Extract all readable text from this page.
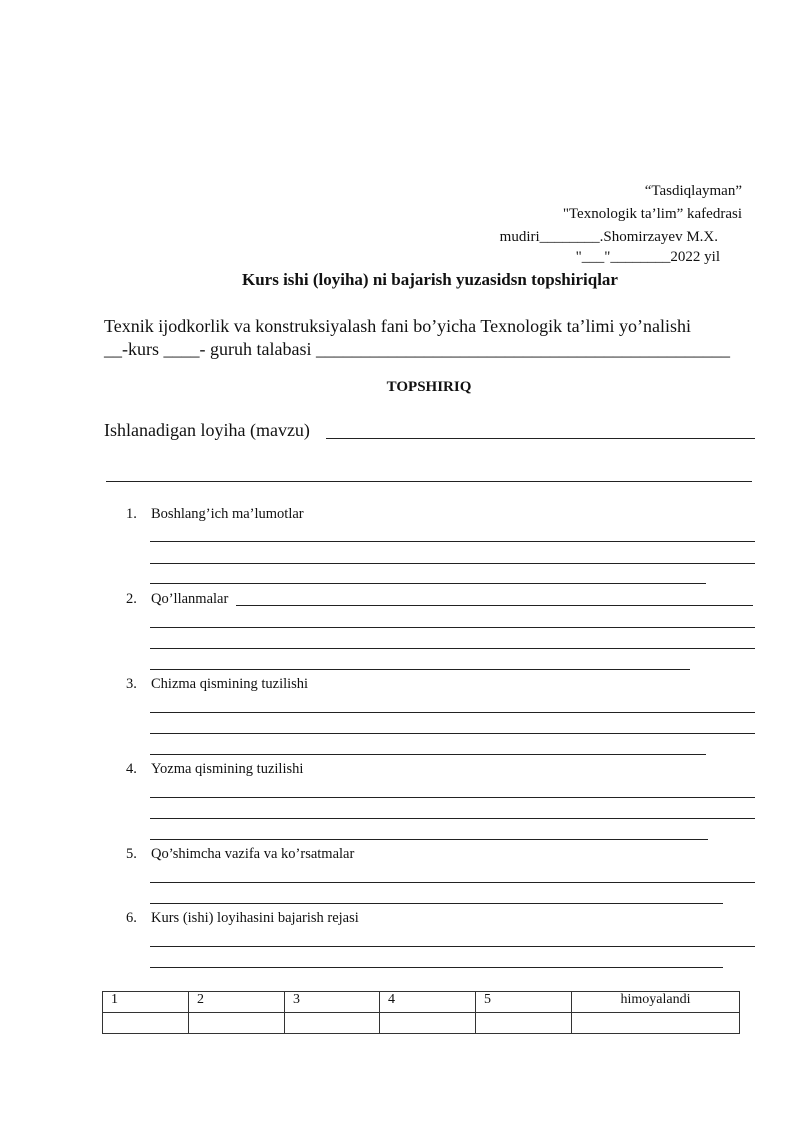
“Tasdiqlayman”
"Texnologik ta’lim” kafedrasi
mudiri________.Shomirzayev M.X.
"___"________2022 yil
Kurs ishi (loyiha) ni bajarish yuzasidsn topshiriqlar
Texnik ijodkorlik va konstruksiyalash fani bo’yicha Texnologik ta’limi yo’nalishi
__-kurs ____- guruh talabasi ______________________________________________
TOPSHIRIQ
Ishlanadigan loyiha (mavzu)
1. Boshlang’ich ma’lumotlar
2. Qo’llanmalar
3. Chizma qismining tuzilishi
4. Yozma qismining tuzilishi
5. Qo’shimcha vazifa va ko’rsatmalar
6. Kurs (ishi) loyihasini bajarish rejasi
1	2	3	4	5	himoyalandi
